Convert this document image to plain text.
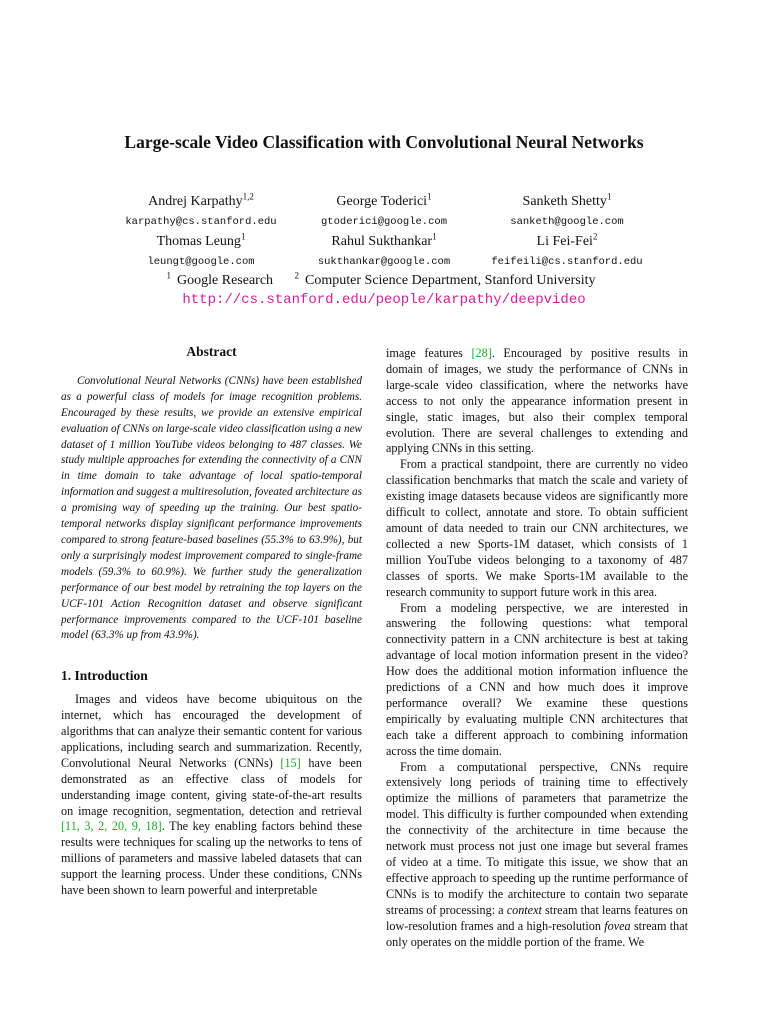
Large-scale Video Classification with Convolutional Neural Networks
Andrej Karpathy$^{1,2}$
karpathy@cs.stanford.edu
George Toderici$^1$
gtoderici@google.com
Sanketh Shetty$^1$
sanketh@google.com
Thomas Leung$^1$
leungt@google.com
Rahul Sukthankar$^1$
sukthankar@google.com
Li Fei-Fei$^2$
feifeili@cs.stanford.edu
$^1$ Google Research $^2$ Computer Science Department, Stanford University
http://cs.stanford.edu/people/karpathy/deepvideo
Abstract

Convolutional Neural Networks (CNNs) have been established as a powerful class of models for image recognition problems. Encouraged by these results, we provide an extensive empirical evaluation of CNNs on large-scale video classification using a new dataset of 1 million YouTube videos belonging to 487 classes. We study multiple approaches for extending the connectivity of a CNN in time domain to take advantage of local spatio-temporal information and suggest a multiresolution, foveated architecture as a promising way of speeding up the training. Our best spatio-temporal networks display significant performance improvements compared to strong feature-based baselines (55.3% to 63.9%), but only a surprisingly modest improvement compared to single-frame models (59.3% to 60.9%). We further study the generalization performance of our best model by retraining the top layers on the UCF-101 Action Recognition dataset and observe significant performance improvements compared to the UCF-101 baseline model (63.3% up from 43.9%).

1. Introduction

Images and videos have become ubiquitous on the internet, which has encouraged the development of algorithms that can analyze their semantic content for various applications, including search and summarization. Recently, Convolutional Neural Networks (CNNs) [15] have been demonstrated as an effective class of models for understanding image content, giving state-of-the-art results on image recognition, segmentation, detection and retrieval [11, 3, 2, 20, 9, 18]. The key enabling factors behind these results were techniques for scaling up the networks to tens of millions of parameters and massive labeled datasets that can support the learning process. Under these conditions, CNNs have been shown to learn powerful and interpretable

image features [28]. Encouraged by positive results in domain of images, we study the performance of CNNs in large-scale video classification, where the networks have access to not only the appearance information present in single, static images, but also their complex temporal evolution. There are several challenges to extending and applying CNNs in this setting.

From a practical standpoint, there are currently no video classification benchmarks that match the scale and variety of existing image datasets because videos are significantly more difficult to collect, annotate and store. To obtain sufficient amount of data needed to train our CNN architectures, we collected a new Sports-1M dataset, which consists of 1 million YouTube videos belonging to a taxonomy of 487 classes of sports. We make Sports-1M available to the research community to support future work in this area.

From a modeling perspective, we are interested in answering the following questions: what temporal connectivity pattern in a CNN architecture is best at taking advantage of local motion information present in the video? How does the additional motion information influence the predictions of a CNN and how much does it improve performance overall? We examine these questions empirically by evaluating multiple CNN architectures that each take a different approach to combining information across the time domain.

From a computational perspective, CNNs require extensively long periods of training time to effectively optimize the millions of parameters that parametrize the model. This difficulty is further compounded when extending the connectivity of the architecture in time because the network must process not just one image but several frames of video at a time. To mitigate this issue, we show that an effective approach to speeding up the runtime performance of CNNs is to modify the architecture to contain two separate streams of processing: a context stream that learns features on low-resolution frames and a high-resolution fovea stream that only operates on the middle portion of the frame. We
